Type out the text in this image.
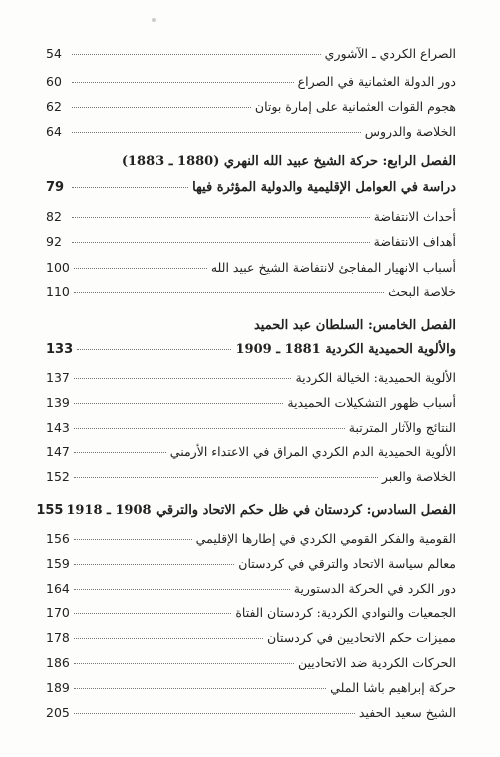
الصراع الكردي ـ الآشوري
54
دور الدولة العثمانية في الصراع
60
هجوم القوات العثمانية على إمارة بوتان
62
الخلاصة والدروس
64
الفصل الرابع: حركة الشيخ عبيد الله النهري (1880 ـ 1883)
دراسة في العوامل الإقليمية والدولية المؤثرة فيها
79
أحداث الانتفاضة
82
أهداف الانتفاضة
92
أسباب الانهيار المفاجئ لانتفاضة الشيخ عبيد الله
100
خلاصة البحث
110
الفصل الخامس: السلطان عبد الحميد
والألوية الحميدية الكردية 1881 ـ 1909
133
الألوية الحميدية: الخيالة الكردية
137
أسباب ظهور التشكيلات الحميدية
139
النتائج والآثار المترتبة
143
الألوية الحميدية الدم الكردي المراق في الاعتداء الأرمني
147
الخلاصة والعبر
152
الفصل السادس: كردستان في ظل حكم الاتحاد والترقي 1908 ـ 1918
155
القومية والفكر القومي الكردي في إطارها الإقليمي
156
معالم سياسة الاتحاد والترقي في كردستان
159
دور الكرد في الحركة الدستورية
164
الجمعيات والنوادي الكردية: كردستان الفتاة
170
مميزات حكم الاتحاديين في كردستان
178
الحركات الكردية ضد الاتحاديين
186
حركة إبراهيم باشا الملي
189
الشيخ سعيد الحفيد
205
